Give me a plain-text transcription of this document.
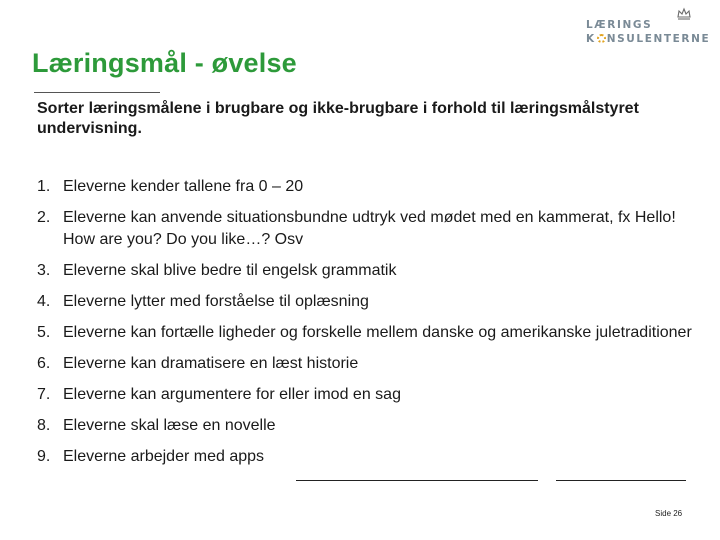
LÆRINGS
K NSULENTERNE
Læringsmål - øvelse

Sorter læringsmålene i brugbare og ikke-brugbare i forhold til læringsmålstyret undervisning.

1. Eleverne kender tallene fra 0 – 20
2. Eleverne kan anvende situationsbundne udtryk ved mødet med en kammerat, fx Hello! How are you? Do you like…? Osv
3. Eleverne skal blive bedre til engelsk grammatik
4. Eleverne lytter med forståelse til oplæsning
5. Eleverne kan fortælle ligheder og forskelle mellem danske og amerikanske juletraditioner
6. Eleverne kan dramatisere en læst historie
7. Eleverne kan argumentere for eller imod en sag
8. Eleverne skal læse en novelle
9. Eleverne arbejder med apps
Side 26
